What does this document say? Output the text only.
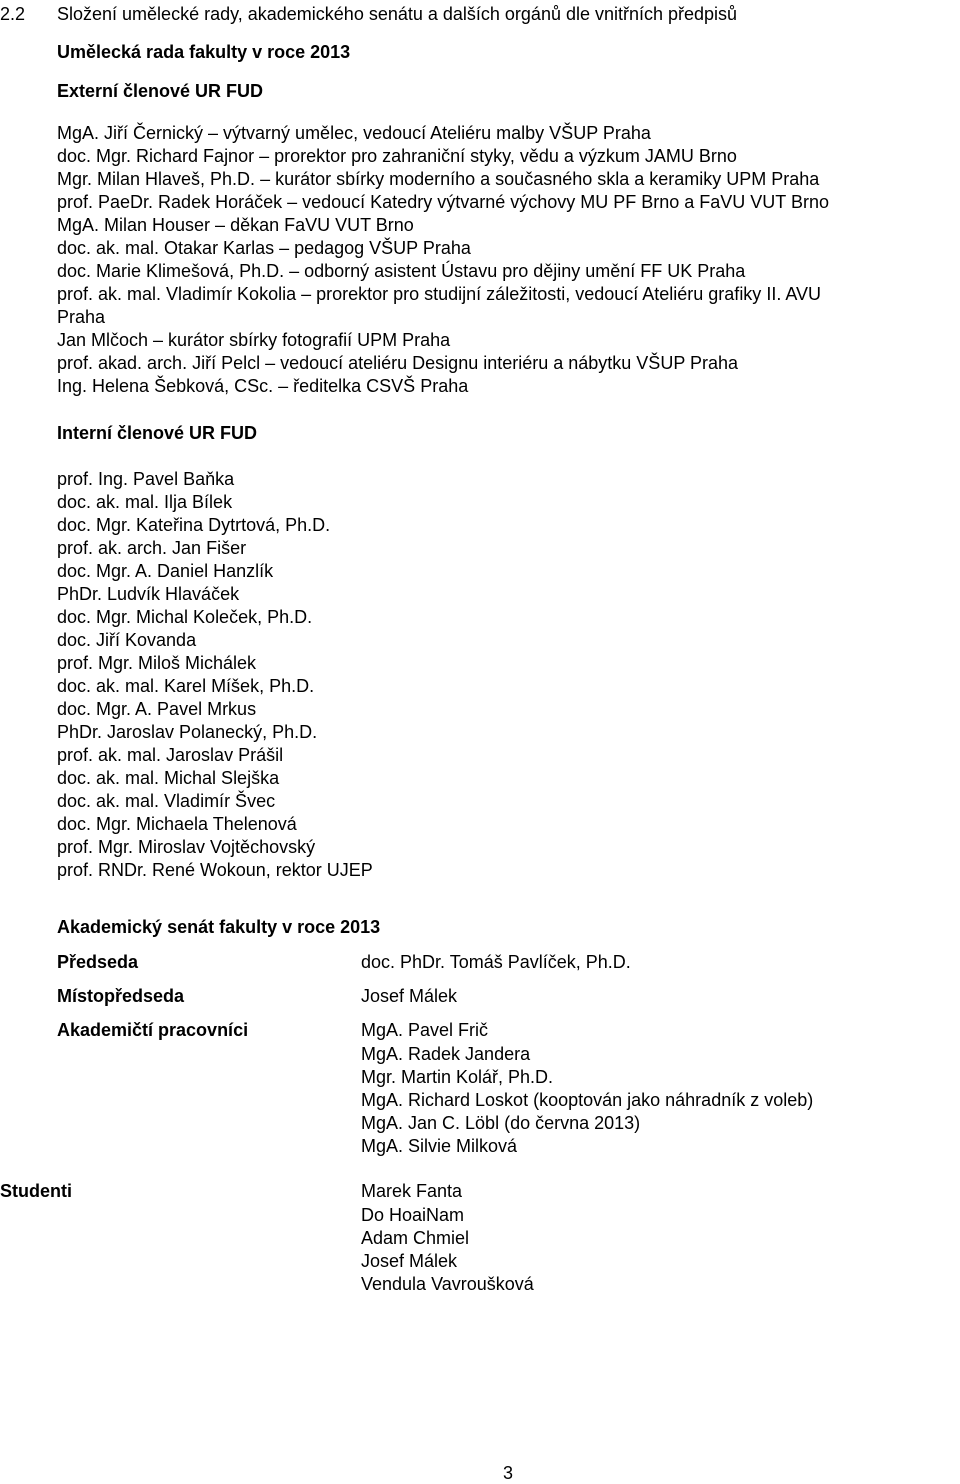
2.2 Složení umělecké rady, akademického senátu a dalších orgánů dle vnitřních předpisů
Umělecká rada fakulty v roce 2013
Externí členové UR FUD
MgA. Jiří Černický – výtvarný umělec, vedoucí Ateliéru malby VŠUP Praha
doc. Mgr. Richard Fajnor – prorektor pro zahraniční styky, vědu a výzkum JAMU Brno
Mgr. Milan Hlaveš, Ph.D. – kurátor sbírky moderního a současného skla a keramiky UPM Praha
prof. PaeDr. Radek Horáček – vedoucí Katedry výtvarné výchovy MU PF Brno a FaVU VUT Brno
MgA. Milan Houser – děkan FaVU VUT Brno
doc. ak. mal. Otakar Karlas – pedagog VŠUP Praha
doc. Marie Klimešová, Ph.D. – odborný asistent Ústavu pro dějiny umění FF UK Praha
prof. ak. mal. Vladimír Kokolia – prorektor pro studijní záležitosti, vedoucí Ateliéru grafiky II. AVU
Praha
Jan Mlčoch – kurátor sbírky fotografií UPM Praha
prof. akad. arch. Jiří Pelcl – vedoucí ateliéru Designu interiéru a nábytku VŠUP Praha
Ing. Helena Šebková, CSc. – ředitelka CSVŠ Praha
Interní členové UR FUD
prof. Ing. Pavel Baňka
doc. ak. mal. Ilja Bílek
doc. Mgr. Kateřina Dytrtová, Ph.D.
prof. ak. arch. Jan Fišer
doc. Mgr. A. Daniel Hanzlík
PhDr. Ludvík Hlaváček
doc. Mgr. Michal Koleček, Ph.D.
doc. Jiří Kovanda
prof. Mgr. Miloš Michálek
doc. ak. mal. Karel Míšek, Ph.D.
doc. Mgr. A. Pavel Mrkus
PhDr. Jaroslav Polanecký, Ph.D.
prof. ak. mal. Jaroslav Prášil
doc. ak. mal. Michal Slejška
doc. ak. mal. Vladimír Švec
doc. Mgr. Michaela Thelenová
prof. Mgr. Miroslav Vojtěchovský
prof. RNDr. René Wokoun, rektor UJEP
Akademický senát fakulty v roce 2013
Předseda	doc. PhDr. Tomáš Pavlíček, Ph.D.
Místopředseda	Josef Málek
Akademičtí pracovníci	MgA. Pavel Frič
MgA. Radek Jandera
Mgr. Martin Kolář, Ph.D.
MgA. Richard Loskot (kooptován jako náhradník z voleb)
MgA. Jan C. Löbl (do června 2013)
MgA. Silvie Milková
Studenti	Marek Fanta
Do HoaiNam
Adam Chmiel
Josef Málek
Vendula Vavroušková
3
